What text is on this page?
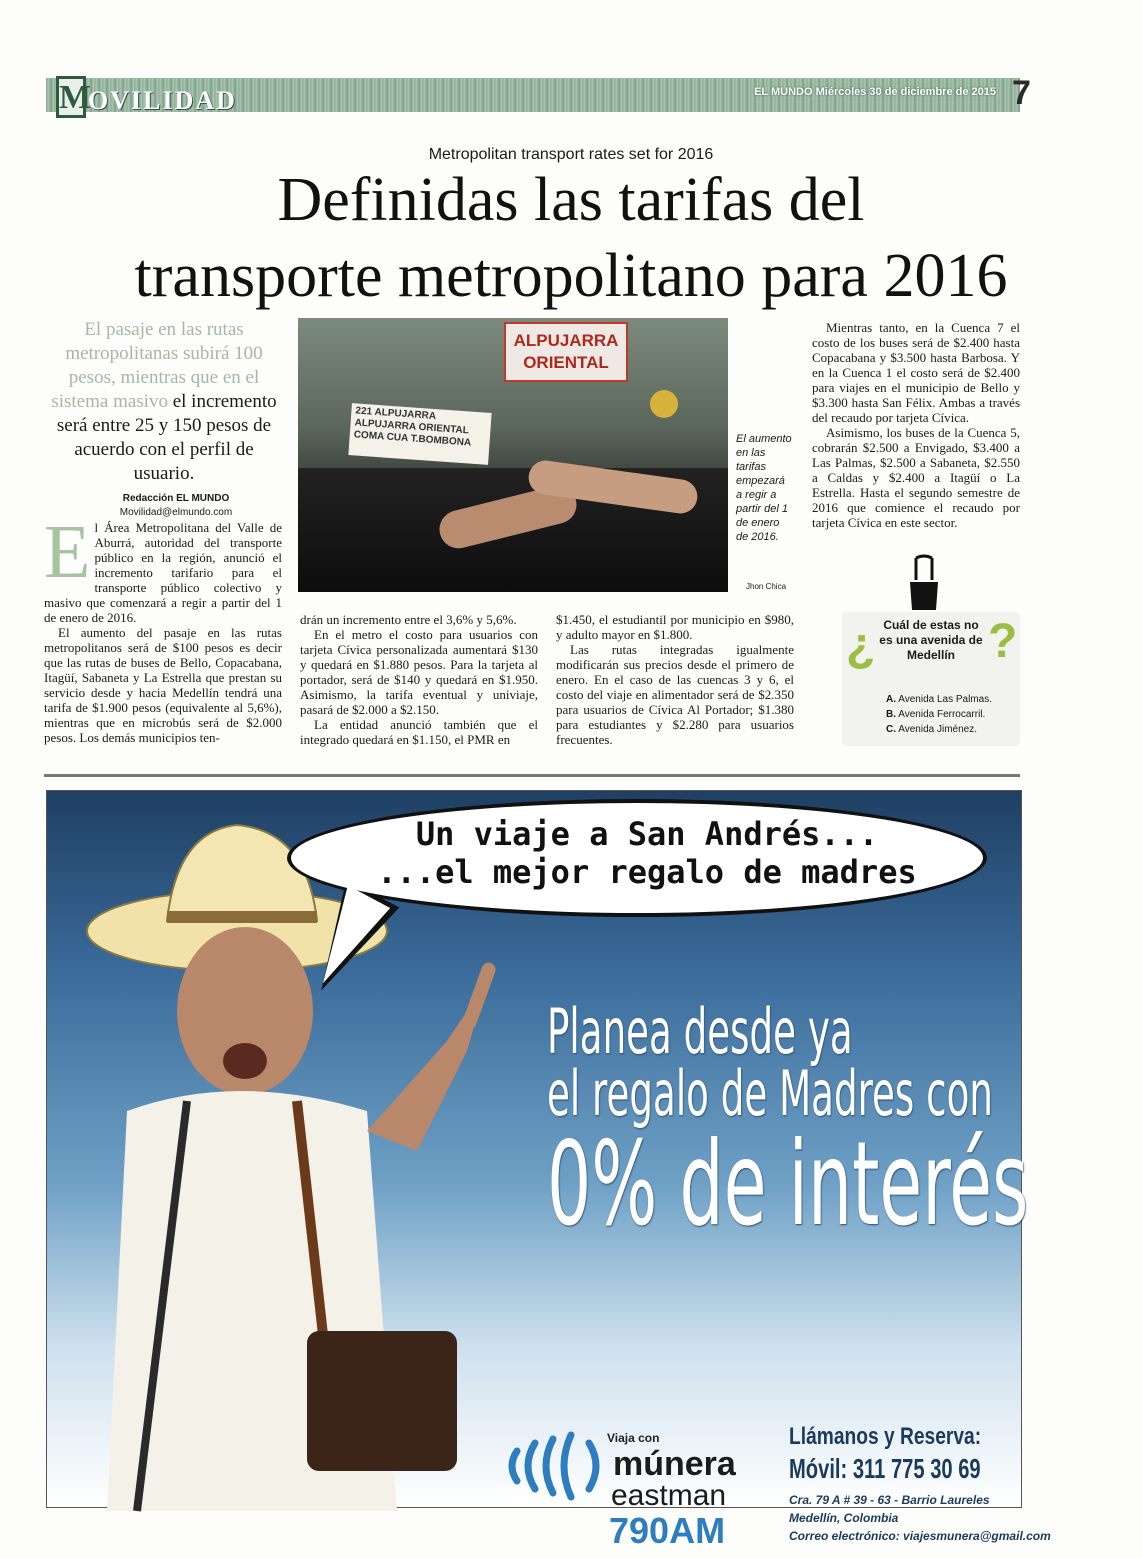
M
OVILIDAD	EL MUNDO Miércoles 30 de diciembre de 2015 7
Metropolitan transport rates set for 2016
Definidas las tarifas del
transporte metropolitano para 2016
El pasaje en las rutas metropolitanas subirá 100 pesos, mientras que en el sistema masivo el incremento será entre 25 y 150 pesos de acuerdo con el perfil de usuario.
Redacción EL MUNDO
Movilidad@elmundo.com

El Área Metropolitana del Valle de Aburrá, autoridad del transporte público en la región, anunció el incremento tarifario para el transporte público colectivo y masivo que comenzará a regir a partir del 1 de enero de 2016.

El aumento del pasaje en las rutas metropolitanos será de $100 pesos es decir que las rutas de buses de Bello, Copacabana, Itagüí, Sabaneta y La Estrella que prestan su servicio desde y hacia Medellín tendrá una tarifa de $1.900 pesos (equivalente al 5,6%), mientras que en microbús será de $2.000 pesos. Los demás municipios ten-

drán un incremento entre el 3,6% y 5,6%.

En el metro el costo para usuarios con tarjeta Cívica personalizada aumentará $130 y quedará en $1.880 pesos. Para la tarjeta al portador, será de $140 y quedará en $1.950. Asimismo, la tarifa eventual y univiaje, pasará de $2.000 a $2.150.

La entidad anunció también que el integrado quedará en $1.150, el PMR en

$1.450, el estudiantil por municipio en $980, y adulto mayor en $1.800.

Las rutas integradas igualmente modificarán sus precios desde el primero de enero. En el caso de las cuencas 3 y 6, el costo del viaje en alimentador será de $2.350 para usuarios de Cívica Al Portador; $1.380 para estudiantes y $2.280 para usuarios frecuentes.

Mientras tanto, en la Cuenca 7 el costo de los buses será de $2.400 hasta Copacabana y $3.500 hasta Barbosa. Y en la Cuenca 1 el costo será de $2.400 para viajes en el municipio de Bello y $3.300 hasta San Félix. Ambas a través del recaudo por tarjeta Cívica.

Asimismo, los buses de la Cuenca 5, cobrarán $2.500 a Envigado, $3.400 a Las Palmas, $2.500 a Sabaneta, $2.550 a Caldas y $2.400 a Itagüí o La Estrella. Hasta el segundo semestre de 2016 que comience el recaudo por tarjeta Cívica en este sector.

ALPUJARRA ORIENTAL
221 ALPUJARRA ALPUJARRA ORIENTAL COMA CUA T.BOMBONA	El aumento en las tarifas empezará a regir a partir del 1 de enero de 2016.
Jhon Chica
¿ ?
Cuál de estas no es una avenida de Medellín
A. Avenida Las Palmas.
B. Avenida Ferrocarril.
C. Avenida Jiménez.
Un viaje a San Andrés...
...el mejor regalo de madres
Planea desde ya
el regalo de Madres con
0% de interés
Viaja con
múnera
eastman
790AM
Llámanos y Reserva:
Móvil: 311 775 30 69
Cra. 79 A # 39 - 63 - Barrio Laureles
Medellín, Colombia
Correo electrónico: viajesmunera@gmail.com
